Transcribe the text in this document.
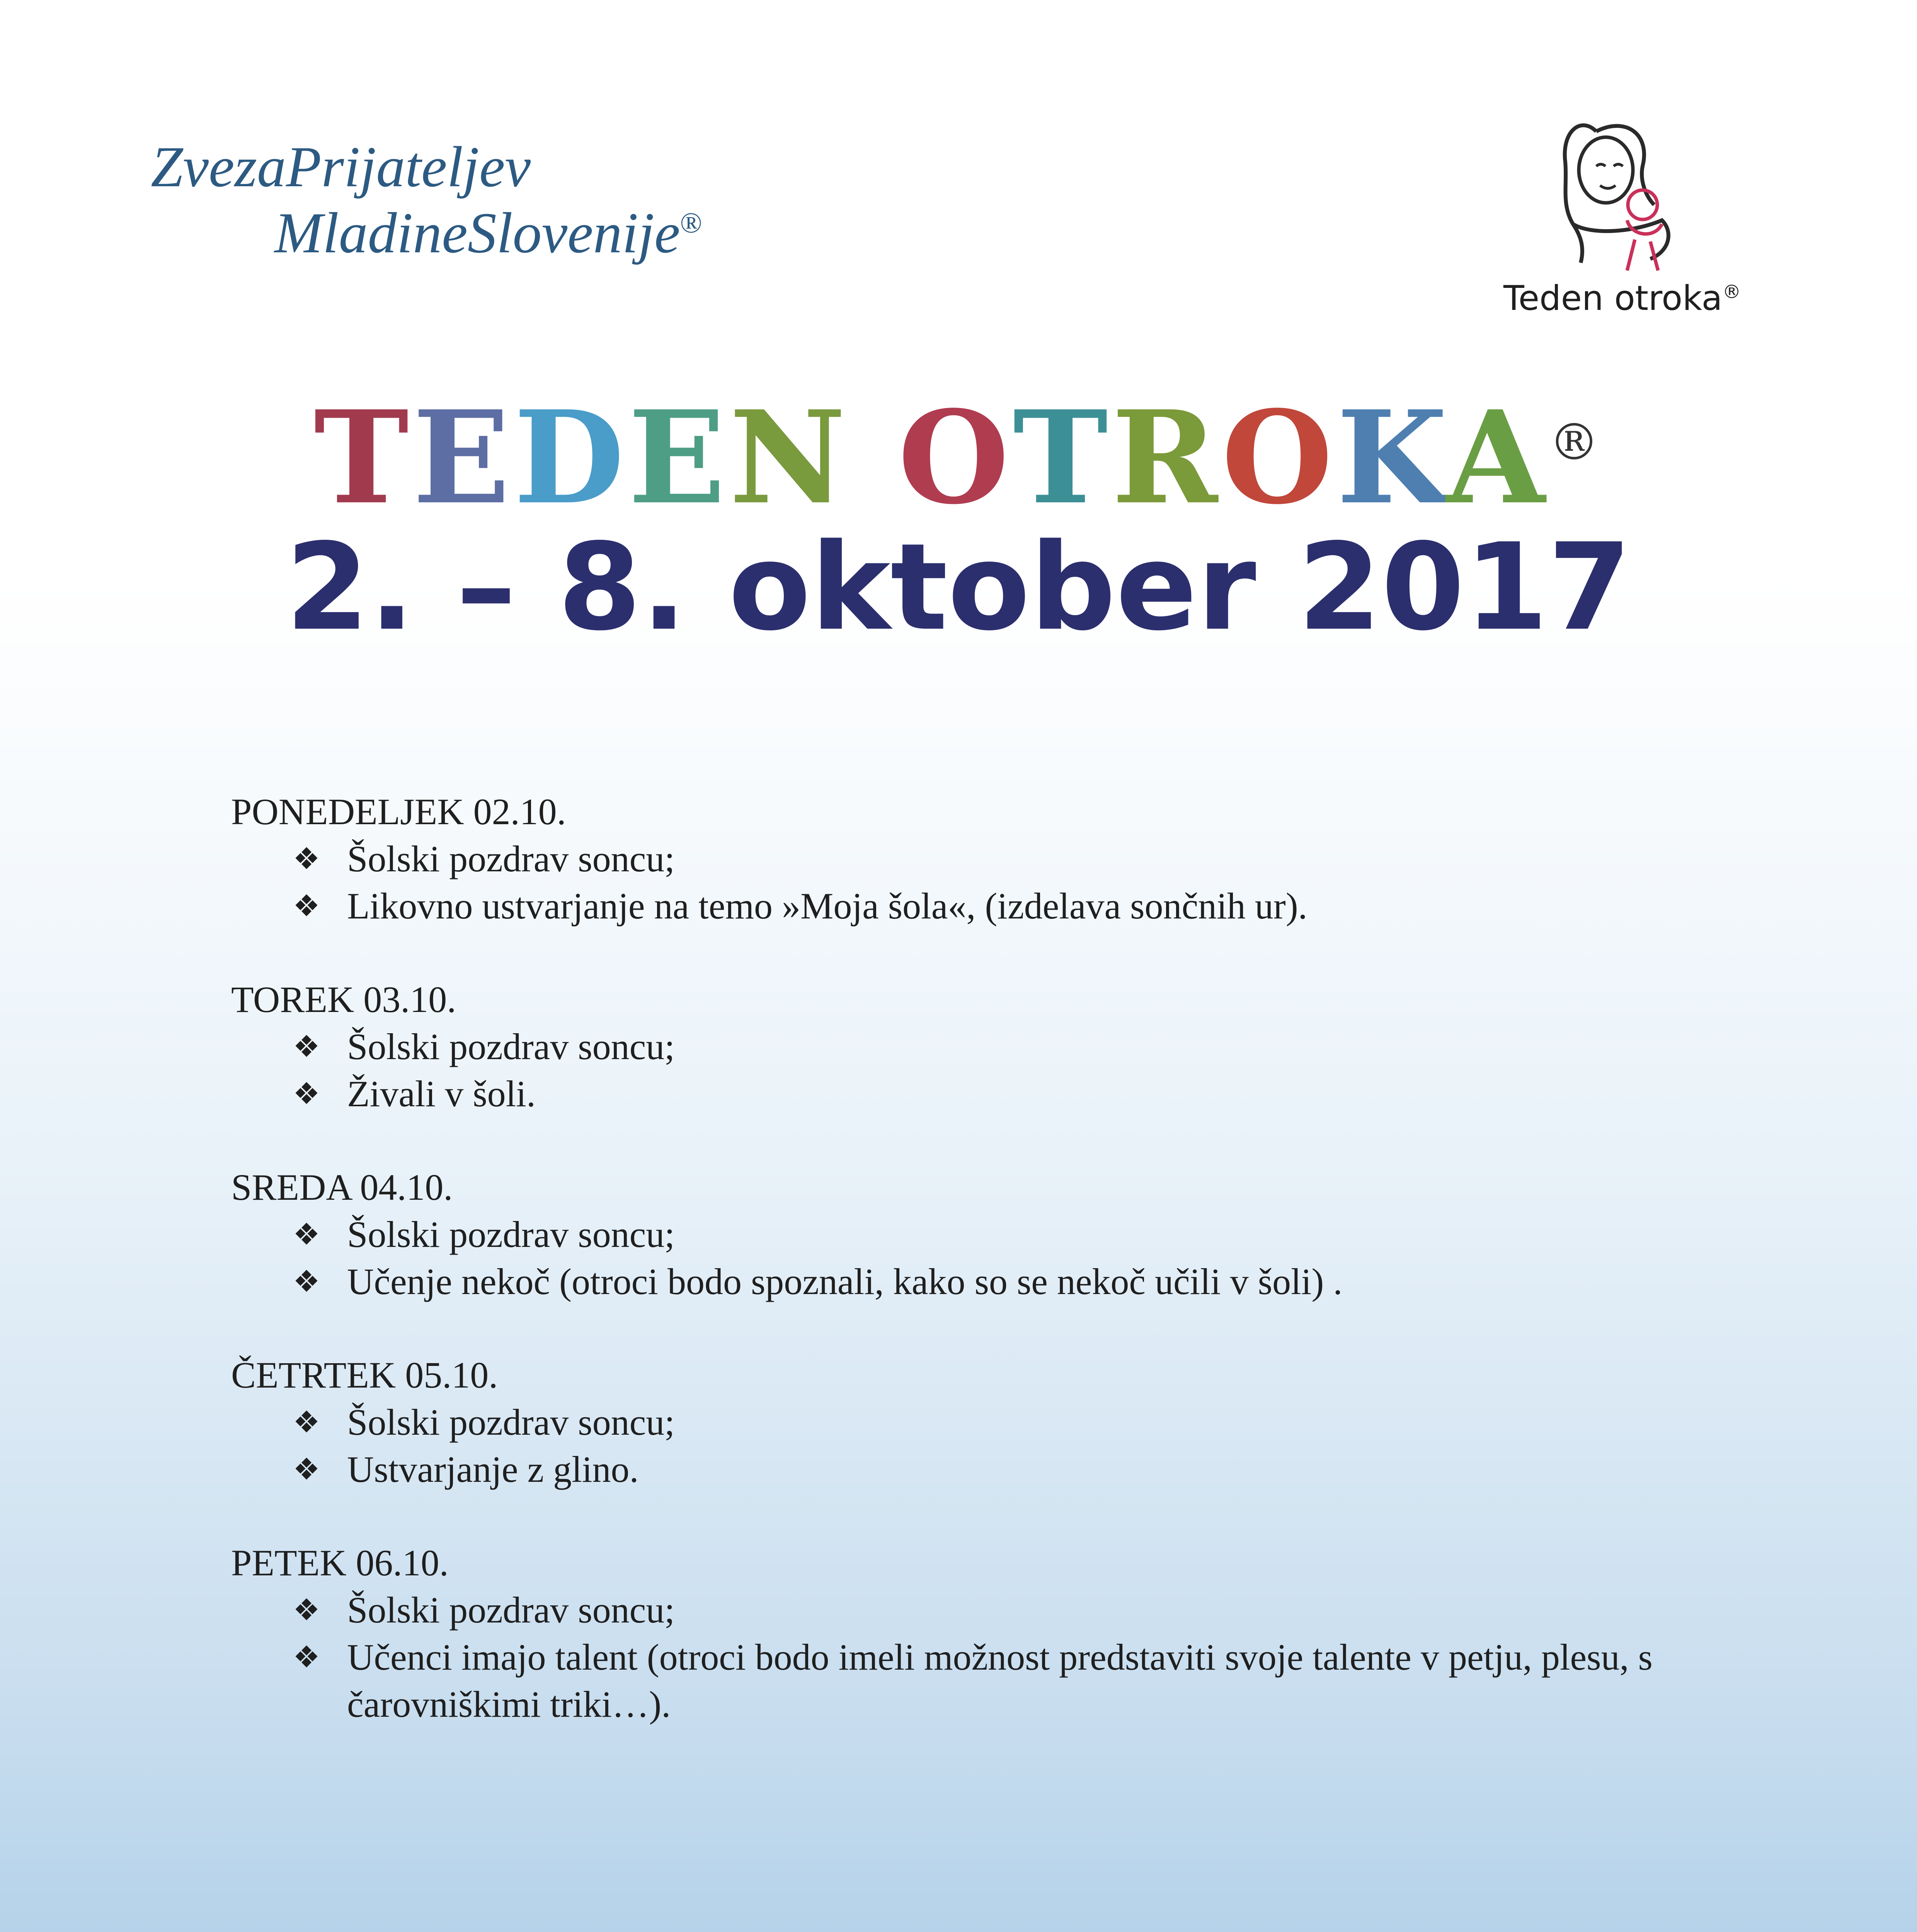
ZvezaPrijateljev
MladineSlovenije®
Teden otroka®
TEDEN OTROKA®
2. – 8. oktober 2017
PONEDELJEK 02.10.
❖ Šolski pozdrav soncu;
❖ Likovno ustvarjanje na temo »Moja šola«, (izdelava sončnih ur).
TOREK 03.10.
❖ Šolski pozdrav soncu;
❖ Živali v šoli.
SREDA 04.10.
❖ Šolski pozdrav soncu;
❖ Učenje nekoč (otroci bodo spoznali, kako so se nekoč učili v šoli) .
ČETRTEK 05.10.
❖ Šolski pozdrav soncu;
❖ Ustvarjanje z glino.
PETEK 06.10.
❖ Šolski pozdrav soncu;
❖ Učenci imajo talent (otroci bodo imeli možnost predstaviti svoje talente v petju, plesu, s čarovniškimi triki…).
